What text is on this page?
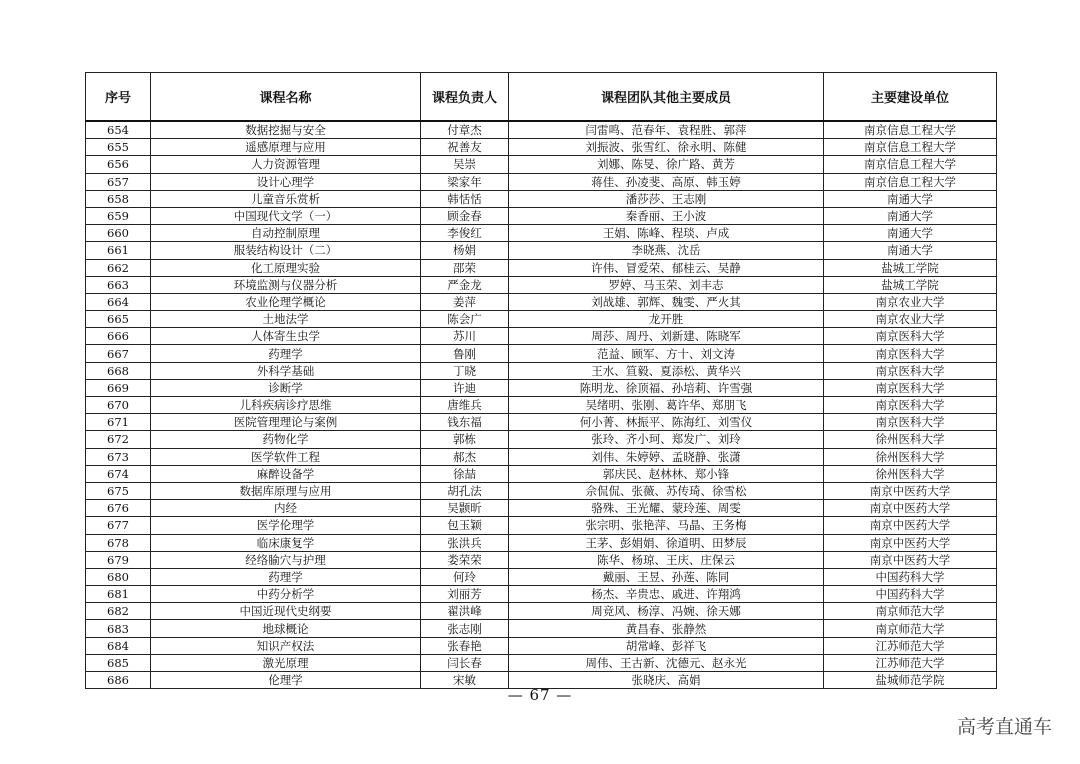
序号	课程名称	课程负责人	课程团队其他主要成员	主要建设单位
654	数据挖掘与安全	付章杰	闫雷鸣、范春年、袁程胜、郭萍	南京信息工程大学
655	遥感原理与应用	祝善友	刘振波、张雪红、徐永明、陈健	南京信息工程大学
656	人力资源管理	吴崇	刘娜、陈旻、徐广路、黄芳	南京信息工程大学
657	设计心理学	梁家年	蒋佳、孙凌斐、高原、韩玉婷	南京信息工程大学
658	儿童音乐赏析	韩恬恬	潘莎莎、王志刚	南通大学
659	中国现代文学（一）	顾金春	秦香丽、王小波	南通大学
660	自动控制原理	李俊红	王娟、陈峰、程琰、卢成	南通大学
661	服装结构设计（二）	杨娟	李晓燕、沈岳	南通大学
662	化工原理实验	邵荣	许伟、冒爱荣、郁桂云、吴静	盐城工学院
663	环境监测与仪器分析	严金龙	罗婷、马玉荣、刘丰志	盐城工学院
664	农业伦理学概论	姜萍	刘战雄、郭辉、魏雯、严火其	南京农业大学
665	土地法学	陈会广	龙开胜	南京农业大学
666	人体寄生虫学	苏川	周莎、周丹、刘新建、陈晓军	南京医科大学
667	药理学	鲁刚	范益、顾军、方十、刘文涛	南京医科大学
668	外科学基础	丁晓	王水、笪毅、夏添松、黄华兴	南京医科大学
669	诊断学	许迪	陈明龙、徐顶福、孙培莉、许雪强	南京医科大学
670	儿科疾病诊疗思维	唐维兵	吴绪明、张刚、葛许华、郑朋飞	南京医科大学
671	医院管理理论与案例	钱东福	何小菁、林振平、陈海红、刘雪仪	南京医科大学
672	药物化学	郭栋	张玲、齐小珂、郑发广、刘玲	徐州医科大学
673	医学软件工程	郝杰	刘伟、朱婷婷、孟晓静、张潇	徐州医科大学
674	麻醉设备学	徐喆	郭庆民、赵林林、郑小锋	徐州医科大学
675	数据库原理与应用	胡孔法	佘侃侃、张薇、苏传琦、徐雪松	南京中医药大学
676	内经	吴颢昕	骆殊、王光耀、蒙玲莲、周雯	南京中医药大学
677	医学伦理学	包玉颖	张宗明、张艳萍、马晶、王务梅	南京中医药大学
678	临床康复学	张洪兵	王茅、彭娟娟、徐道明、田梦辰	南京中医药大学
679	经络腧穴与护理	娄荣荣	陈华、杨琼、王庆、庄保云	南京中医药大学
680	药理学	何玲	戴丽、王昱、孙莲、陈同	中国药科大学
681	中药分析学	刘丽芳	杨杰、辛贵忠、戚进、许翔鸿	中国药科大学
682	中国近现代史纲要	翟洪峰	周竞风、杨淳、冯婉、徐天娜	南京师范大学
683	地球概论	张志刚	黄昌春、张静然	南京师范大学
684	知识产权法	张春艳	胡常峰、彭祥飞	江苏师范大学
685	激光原理	闫长春	周伟、王古新、沈德元、赵永光	江苏师范大学
686	伦理学	宋敏	张晓庆、高娟	盐城师范学院
— 67 —
高考直通车
